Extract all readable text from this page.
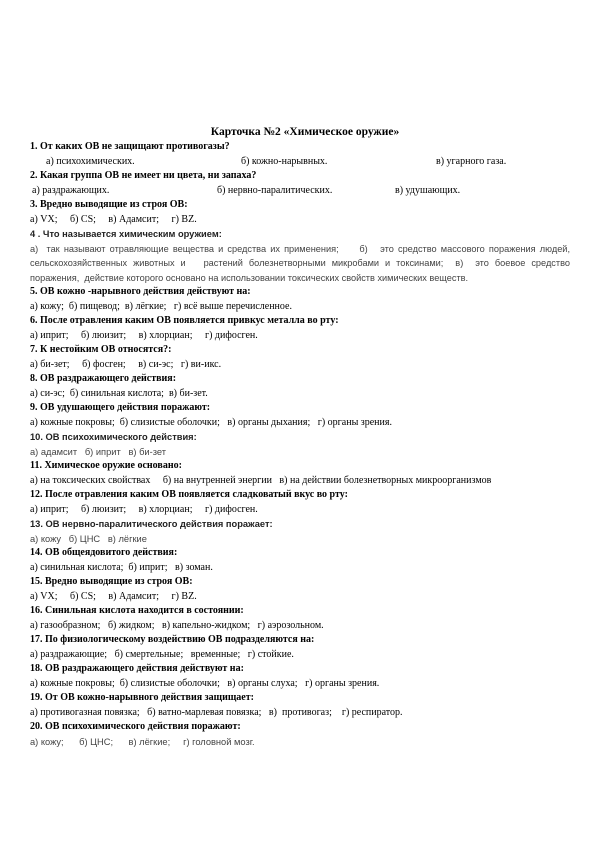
Карточка №2 «Химическое оружие»
1. От каких ОВ не защищают противогазы?
а) психохимических.	б) кожно-нарывных.	в) угарного газа.
2. Какая группа ОВ не имеет ни цвета, ни запаха?
а) раздражающих.	б) нервно-паралитических.	в) удушающих.
3. Вредно выводящие из строя ОВ:
а) VX;     б) CS;     в) Адамсит;     г) BZ.
4 . Что называется химическим оружием:
а)  так называют отравляющие вещества и средства их применения;     б)   это средство массового поражения людей, сельскохозяйственных животных и   растений болезнетворными микробами и токсинами;  в)  это боевое средство поражения,  действие которого основано на использовании токсических свойств химических веществ.
5. ОВ кожно -нарывного действия действуют на:
а) кожу;  б) пищевод;  в) лёгкие;   г) всё выше перечисленное.
6. После отравления каким ОВ появляется привкус металла во рту:
а) иприт;     б) люизит;     в) хлорциан;     г) дифосген.
7. К нестойким ОВ относятся?:
а) би-зет;     б) фосген;     в) си-эс;   г) ви-икс.
8. ОВ раздражающего действия:
а) си-эс;  б) синильная кислота;  в) би-зет.
9. ОВ удушающего действия поражают:
а) кожные покровы;  б) слизистые оболочки;   в) органы дыхания;   г) органы зрения.
10. ОВ психохимического действия:
а) адамсит   б) иприт   в) би-зет
11. Химическое оружие основано:
а) на токсических свойствах     б) на внутренней энергии   в) на действии болезнетворных микроорганизмов
12. После отравления каким ОВ появляется сладковатый вкус во рту:
а) иприт;     б) люизит;     в) хлорциан;     г) дифосген.
13. ОВ нервно-паралитического действия поражает:
а) кожу   б) ЦНС   в) лёгкие
14. ОВ общеядовитого действия:
а) синильная кислота;  б) иприт;   в) зоман.
15. Вредно выводящие из строя ОВ:
а) VX;     б) CS;     в) Адамсит;     г) BZ.
16. Синильная кислота находится в состоянии:
а) газообразном;   б) жидком;   в) капельно-жидком;   г) аэрозольном.
17. По физиологическому воздействию ОВ подразделяются на:
а) раздражающие;   б) смертельные;   временные;   г) стойкие.
18. ОВ раздражающего действия действуют на:
а) кожные покровы;  б) слизистые оболочки;   в) органы слуха;   г) органы зрения.
19. От ОВ кожно-нарывного действия защищает:
а) противогазная повязка;   б) ватно-марлевая повязка;   в)  противогаз;    г) респиратор.
20. ОВ психохимического действия поражают:
а) кожу;      б) ЦНС;      в) лёгкие;     г) головной мозг.
